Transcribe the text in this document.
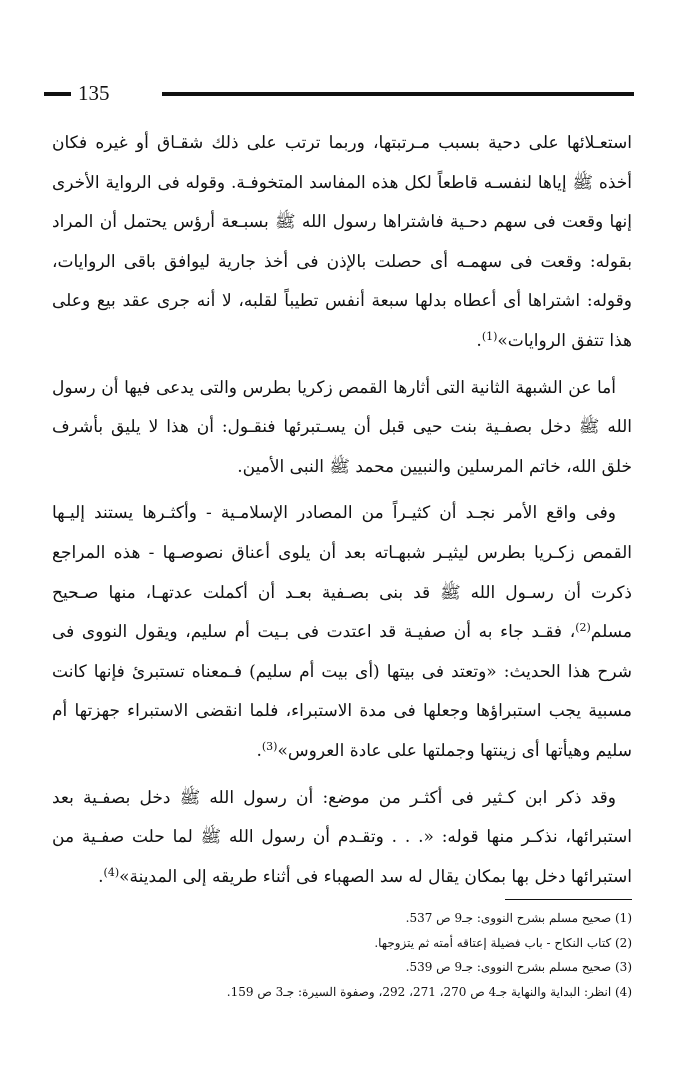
135

استعـلائها على دحية بسبب مـرتبتها، وربما ترتب على ذلك شقـاق أو غيره فكان أخذه ﷺ إياها لنفسـه قاطعاً لكل هذه المفاسد المتخوفـة. وقوله فى الرواية الأخرى إنها وقعت فى سهم دحـية فاشتراها رسول الله ﷺ بسبـعة أرؤس يحتمل أن المراد بقوله: وقعت فى سهمـه أى حصلت بالإذن فى أخذ جارية ليوافق باقى الروايات، وقوله: اشتراها أى أعطاه بدلها سبعة أنفس تطيباً لقلبه، لا أنه جرى عقد بيع وعلى هذا تتفق الروايات»$^{(1)}$.

أما عن الشبهة الثانية التى أثارها القمص زكريا بطرس والتى يدعى فيها أن رسول الله ﷺ دخل بصفـية بنت حيى قبل أن يسـتبرئها فنقـول: أن هذا لا يليق بأشرف خلق الله، خاتم المرسلين والنبيين محمد ﷺ النبى الأمين.

وفى واقع الأمر نجـد أن كثيـراً من المصادر الإسلامـية - وأكثـرها يستند إليـها القمص زكـريا بطرس ليثيـر شبهـاته بعد أن يلوى أعناق نصوصـها - هذه المراجع ذكرت أن رسـول الله ﷺ قد بنى بصـفية بعـد أن أكملت عدتهـا، منها صـحيح مسلم$^{(2)}$، فقـد جاء به أن صفيـة قد اعتدت فى بـيت أم سليم، ويقول النووى فى شرح هذا الحديث: «وتعتد فى بيتها (أى بيت أم سليم) فـمعناه تستبرئ فإنها كانت مسبية يجب استبراؤها وجعلها فى مدة الاستبراء، فلما انقضى الاستبراء جهزتها أم سليم وهيأتها أى زينتها وجملتها على عادة العروس»$^{(3)}$.

وقد ذكر ابن كـثير فى أكثـر من موضع: أن رسول الله ﷺ دخل بصفـية بعد استبرائها، نذكـر منها قوله: «. . . وتقـدم أن رسول الله ﷺ لما حلت صفـية من استبرائها دخل بها بمكان يقال له سد الصهباء فى أثناء طريقه إلى المدينة»$^{(4)}$.

(1) صحيح مسلم بشرح النووى: جـ9 ص 537.
(2) كتاب النكاح - باب فضيلة إعتاقه أمته ثم يتزوجها.
(3) صحيح مسلم بشرح النووى: جـ9 ص 539.
(4) انظر: البداية والنهاية جـ4 ص 270، 271، 292، وصفوة السيرة: جـ3 ص 159.
